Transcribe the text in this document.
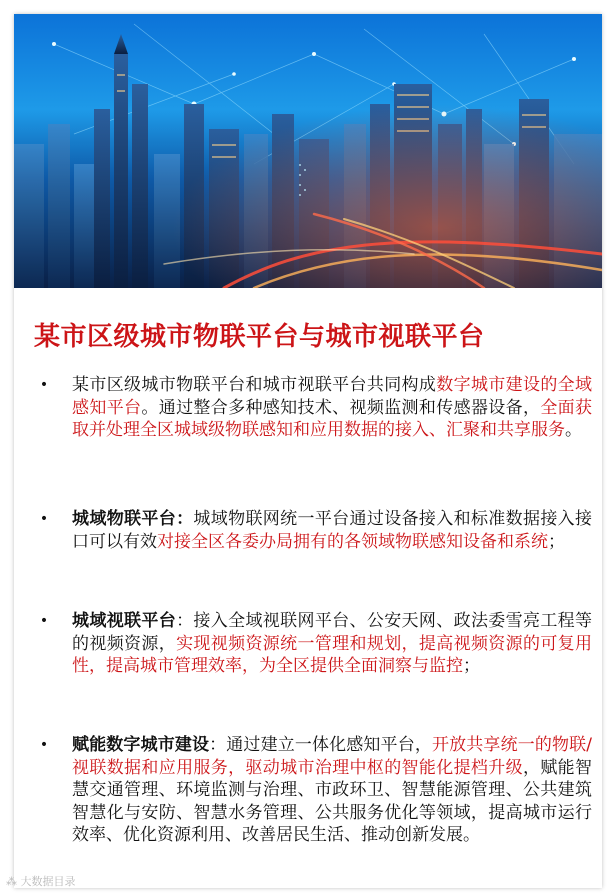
某市区级城市物联平台与城市视联平台
•	某市区级城市物联平台和城市视联平台共同构成数字城市建设的全域感知平台。通过整合多种感知技术、视频监测和传感器设备，全面获取并处理全区城域级物联感知和应用数据的接入、汇聚和共享服务。
•	城域物联平台：城域物联网统一平台通过设备接入和标准数据接入接口可以有效对接全区各委办局拥有的各领域物联感知设备和系统；
•	城域视联平台：接入全域视联网平台、公安天网、政法委雪亮工程等的视频资源，实现视频资源统一管理和规划，提高视频资源的可复用性，提高城市管理效率，为全区提供全面洞察与监控；
•	赋能数字城市建设：通过建立一体化感知平台，开放共享统一的物联/视联数据和应用服务，驱动城市治理中枢的智能化提档升级，赋能智慧交通管理、环境监测与治理、市政环卫、智慧能源管理、公共建筑智慧化与安防、智慧水务管理、公共服务优化等领域，提高城市运行效率、优化资源利用、改善居民生活、推动创新发展。
⁂ 大数据目录
